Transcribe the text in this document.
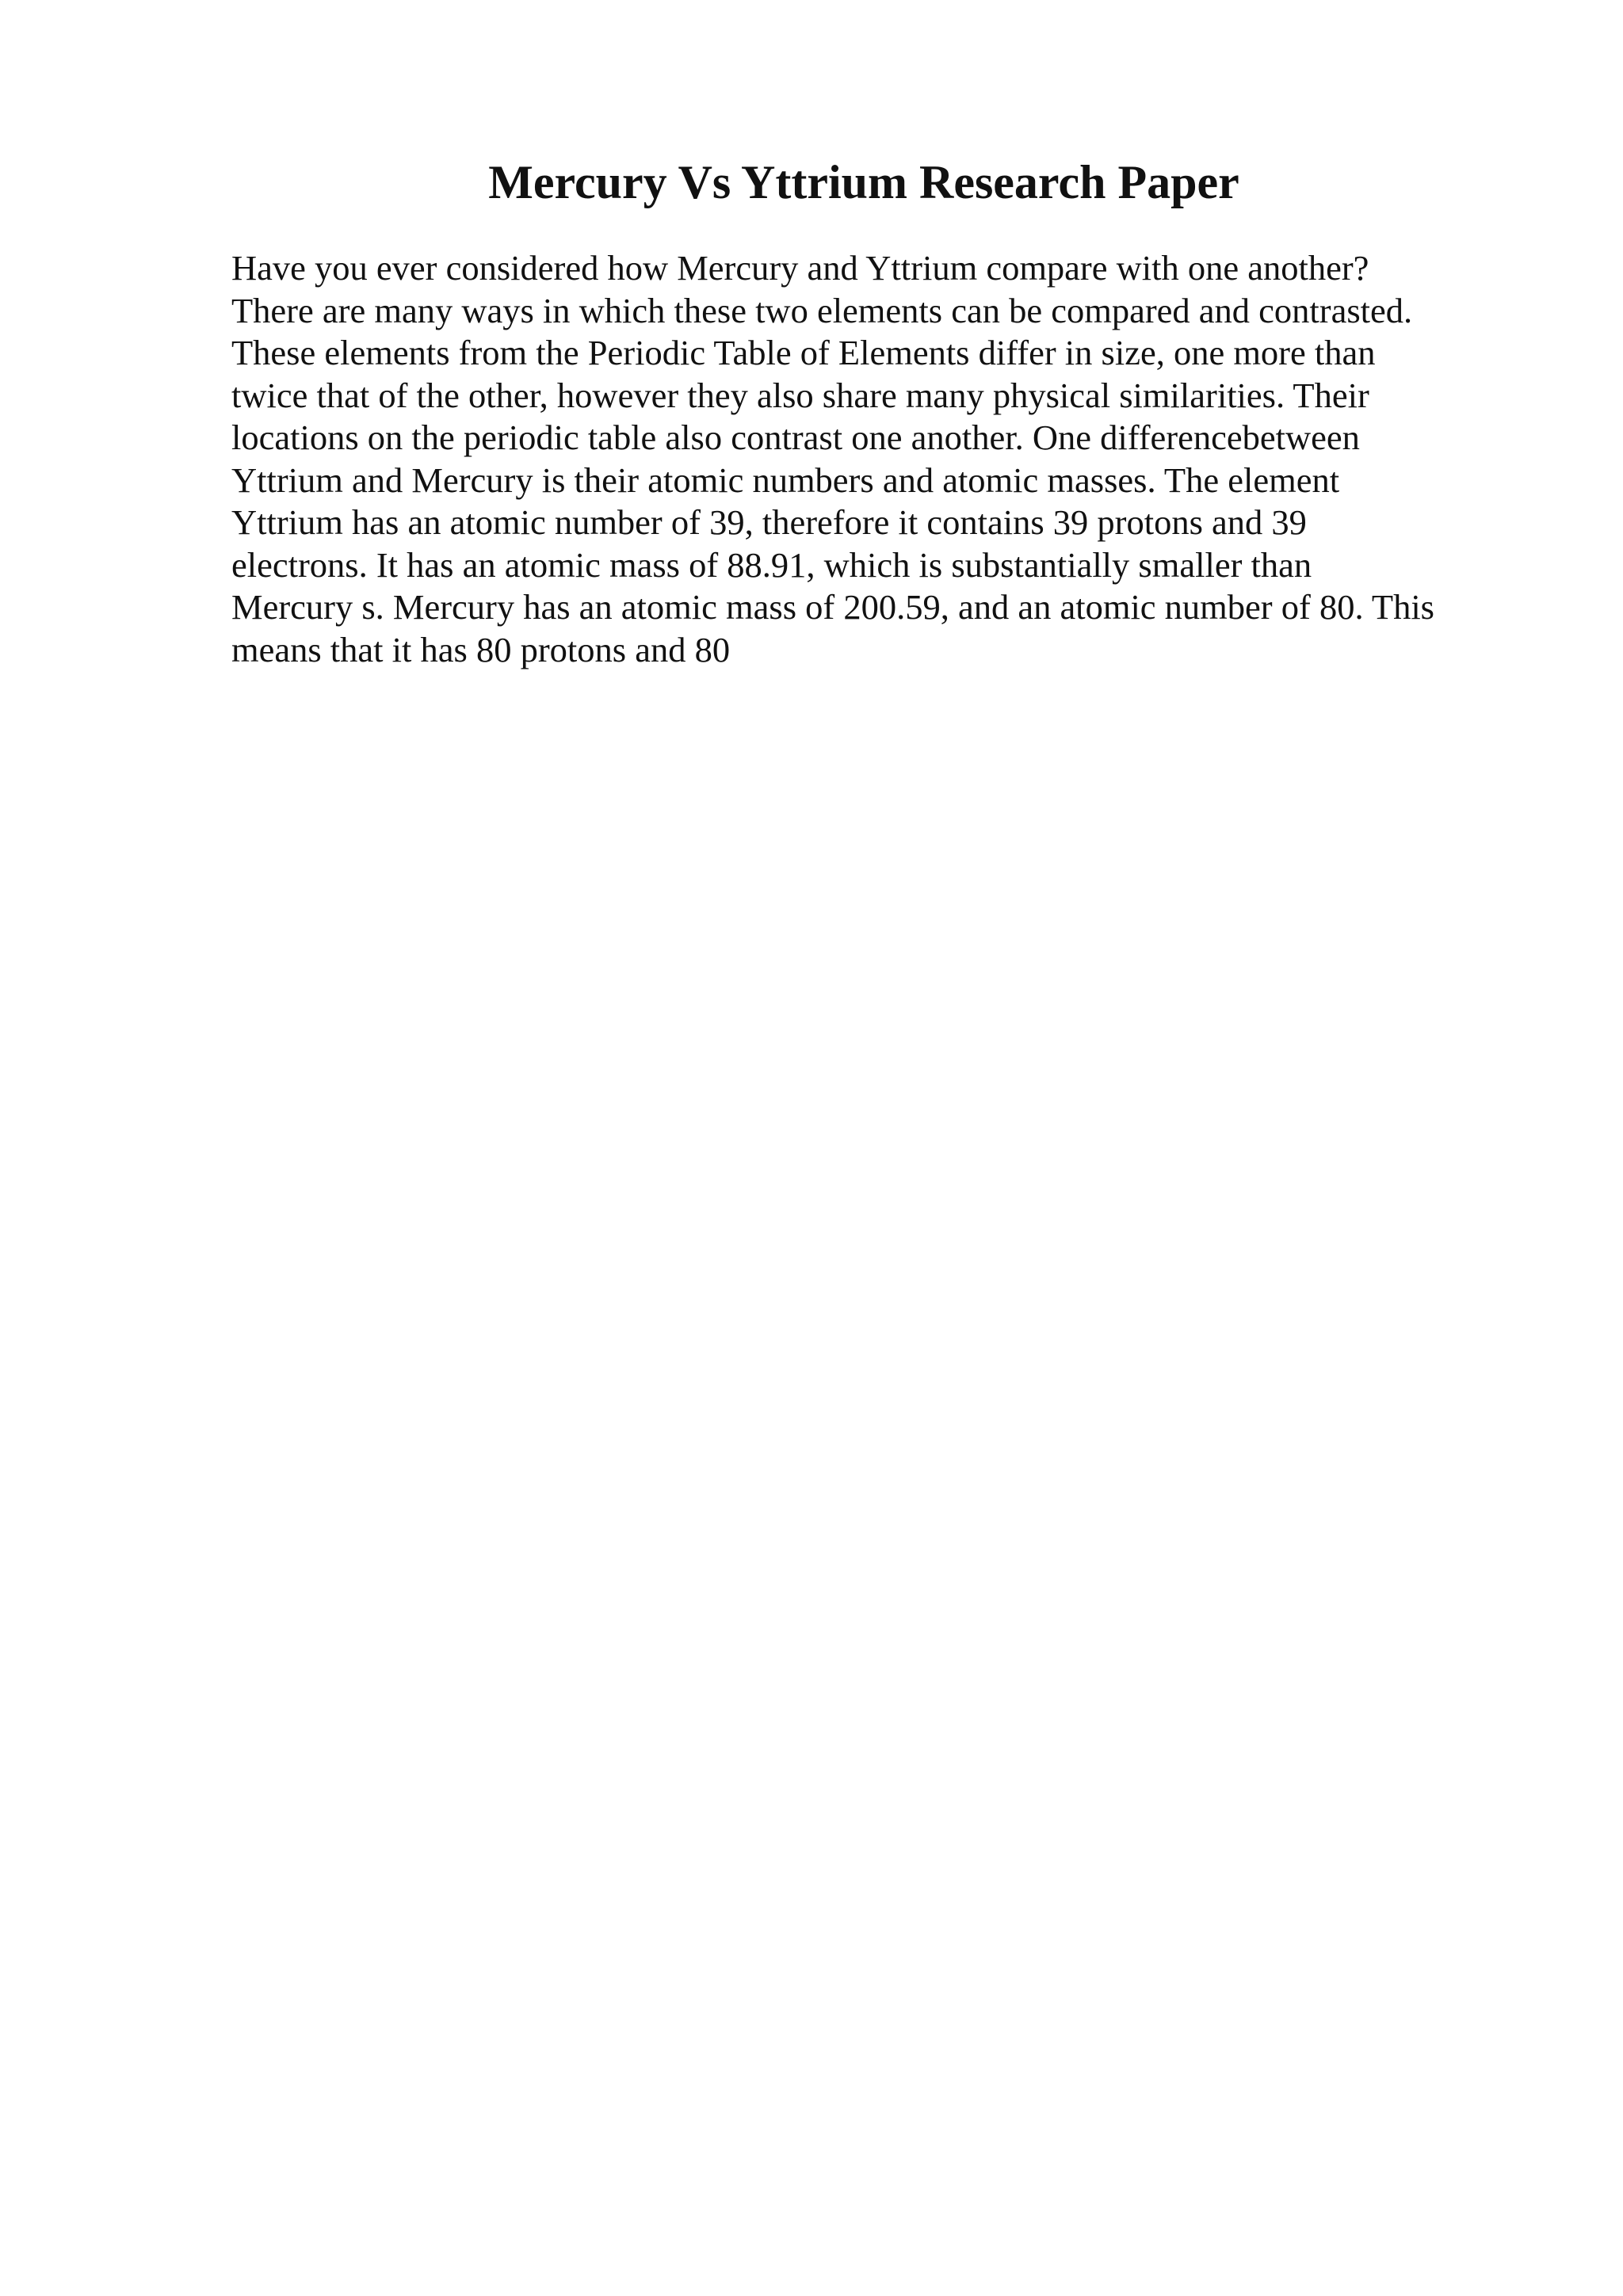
Mercury Vs Yttrium Research Paper
Have you ever considered how Mercury and Yttrium compare with one another?
There are many ways in which these two elements can be compared and contrasted.
These elements from the Periodic Table of Elements differ in size, one more than
twice that of the other, however they also share many physical similarities. Their
locations on the periodic table also contrast one another. One differencebetween
Yttrium and Mercury is their atomic numbers and atomic masses. The element
Yttrium has an atomic number of 39, therefore it contains 39 protons and 39
electrons. It has an atomic mass of 88.91, which is substantially smaller than
Mercury s. Mercury has an atomic mass of 200.59, and an atomic number of 80. This
means that it has 80 protons and 80
